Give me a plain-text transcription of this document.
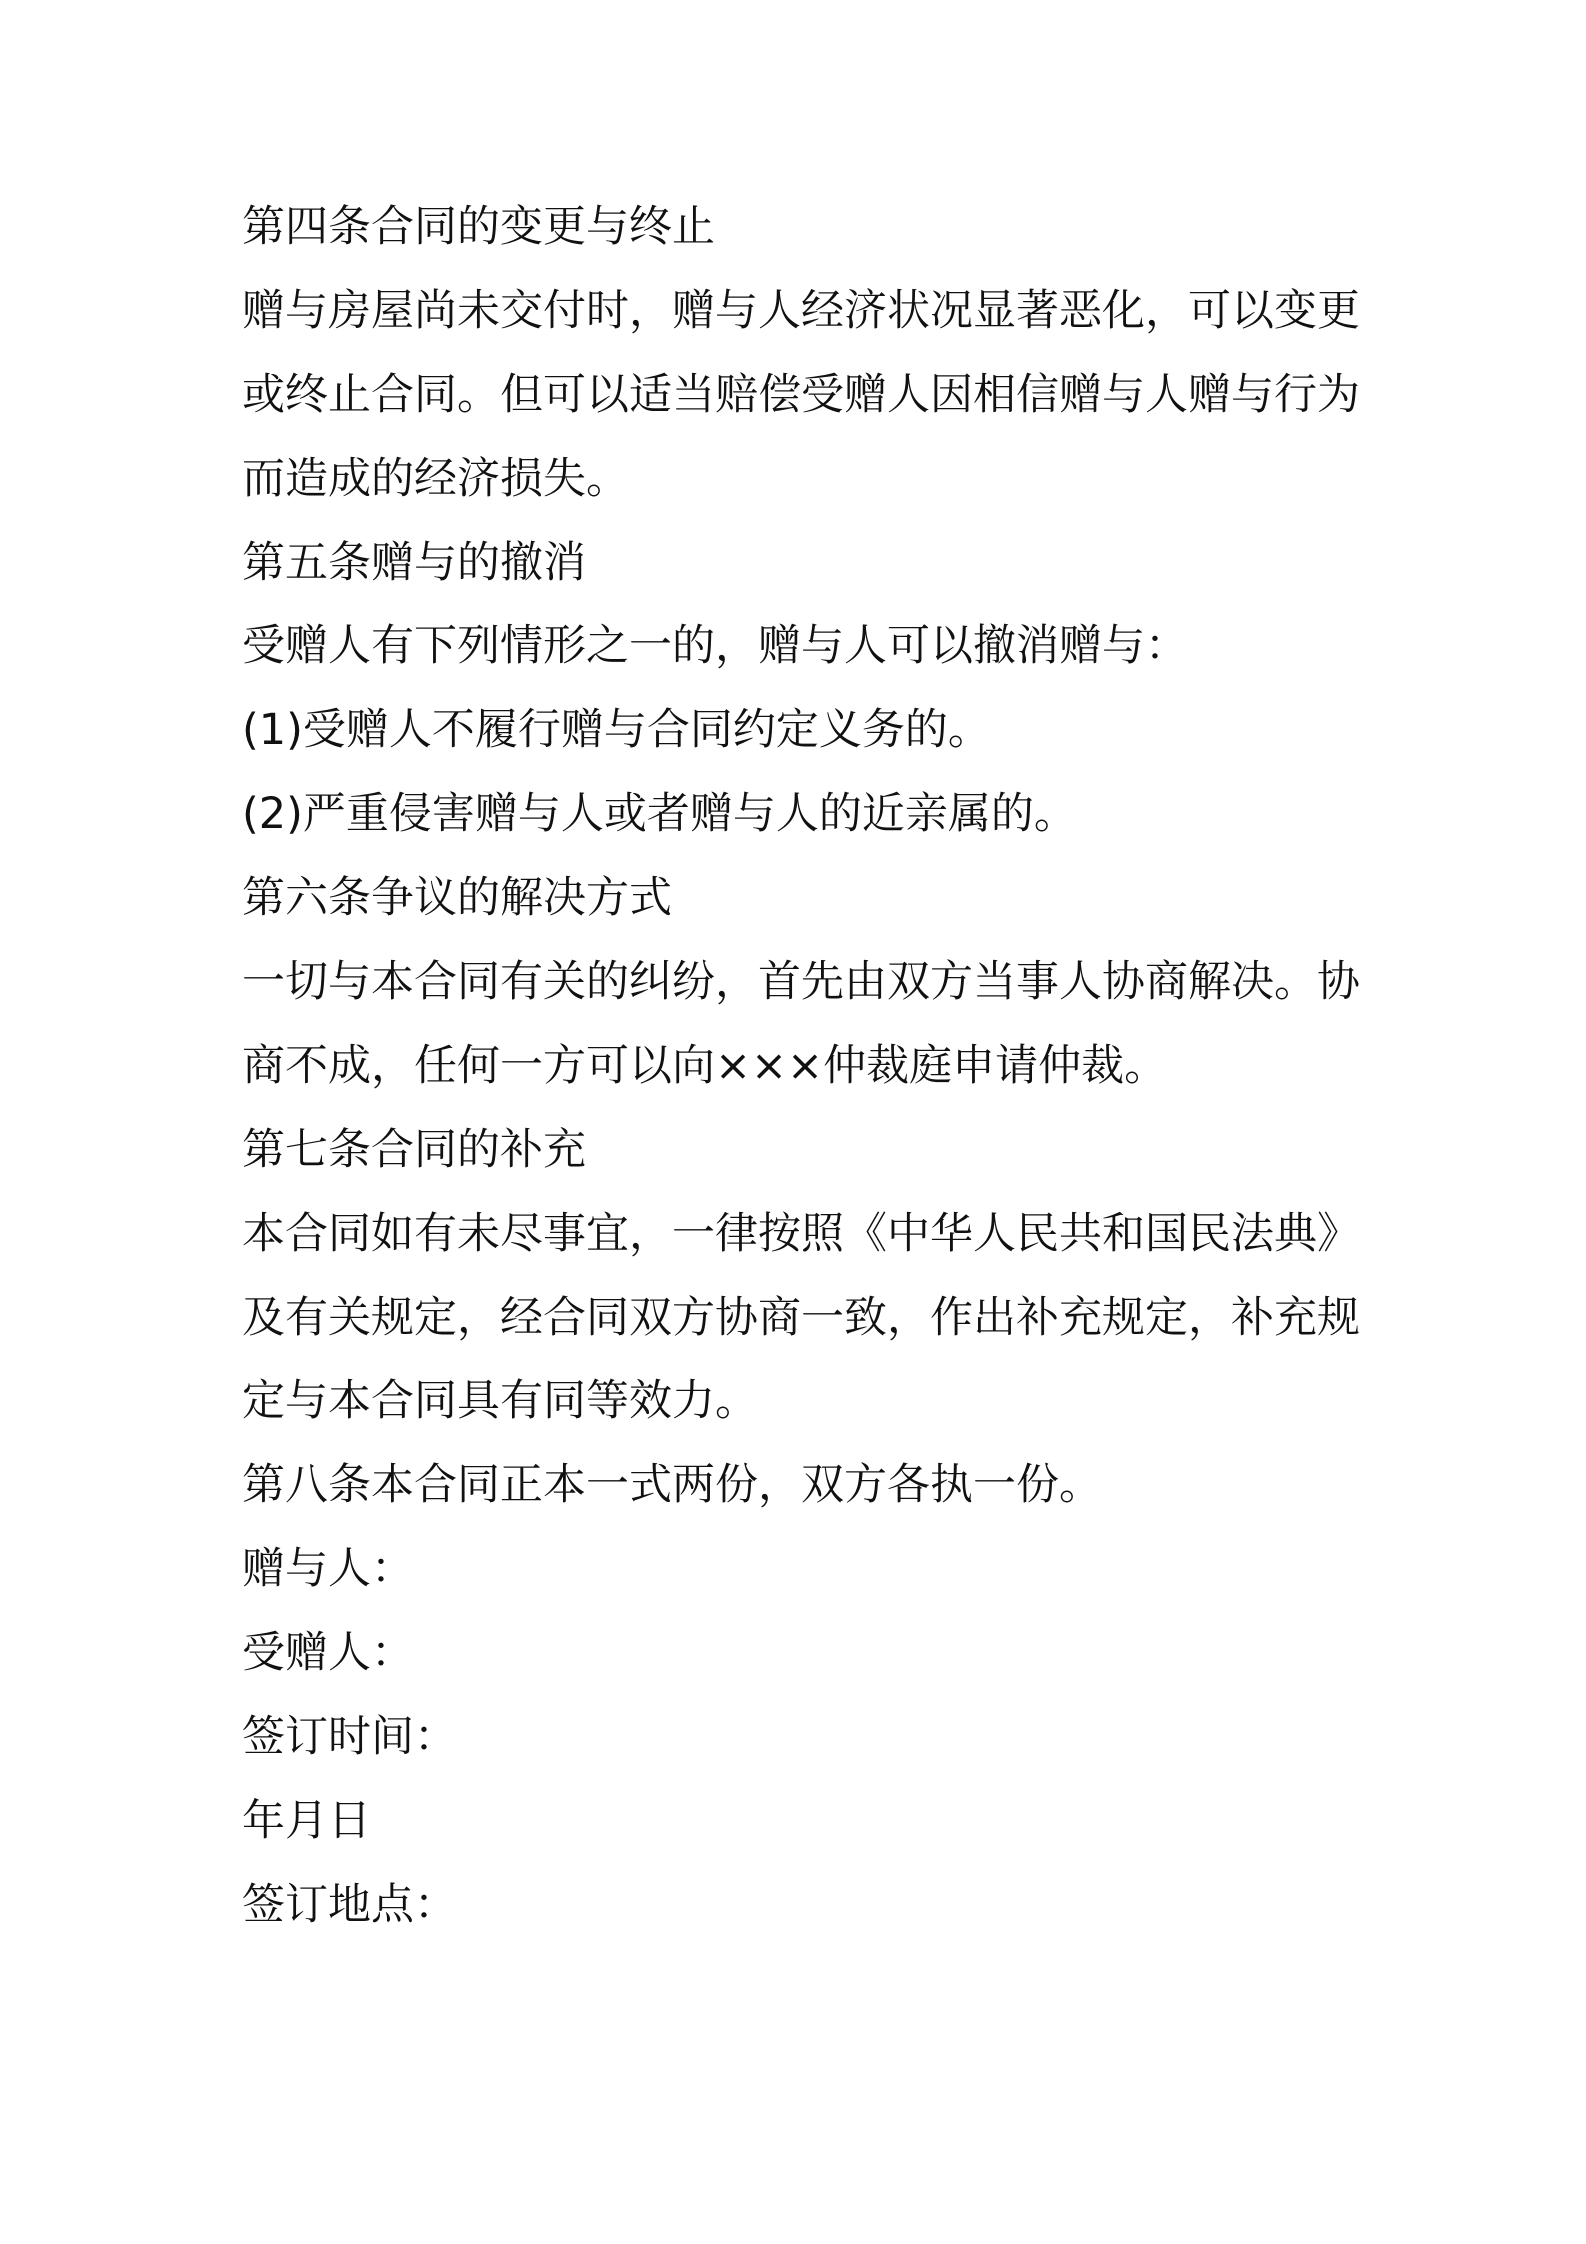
第四条合同的变更与终止
赠与房屋尚未交付时，赠与人经济状况显著恶化，可以变更
或终止合同。但可以适当赔偿受赠人因相信赠与人赠与行为
而造成的经济损失。
第五条赠与的撤消
受赠人有下列情形之一的，赠与人可以撤消赠与：
(1)受赠人不履行赠与合同约定义务的。
(2)严重侵害赠与人或者赠与人的近亲属的。
第六条争议的解决方式
一切与本合同有关的纠纷，首先由双方当事人协商解决。协
商不成，任何一方可以向×××仲裁庭申请仲裁。
第七条合同的补充
本合同如有未尽事宜，一律按照《中华人民共和国民法典》
及有关规定，经合同双方协商一致，作出补充规定，补充规
定与本合同具有同等效力。
第八条本合同正本一式两份，双方各执一份。
赠与人：
受赠人：
签订时间：
年月日
签订地点：
